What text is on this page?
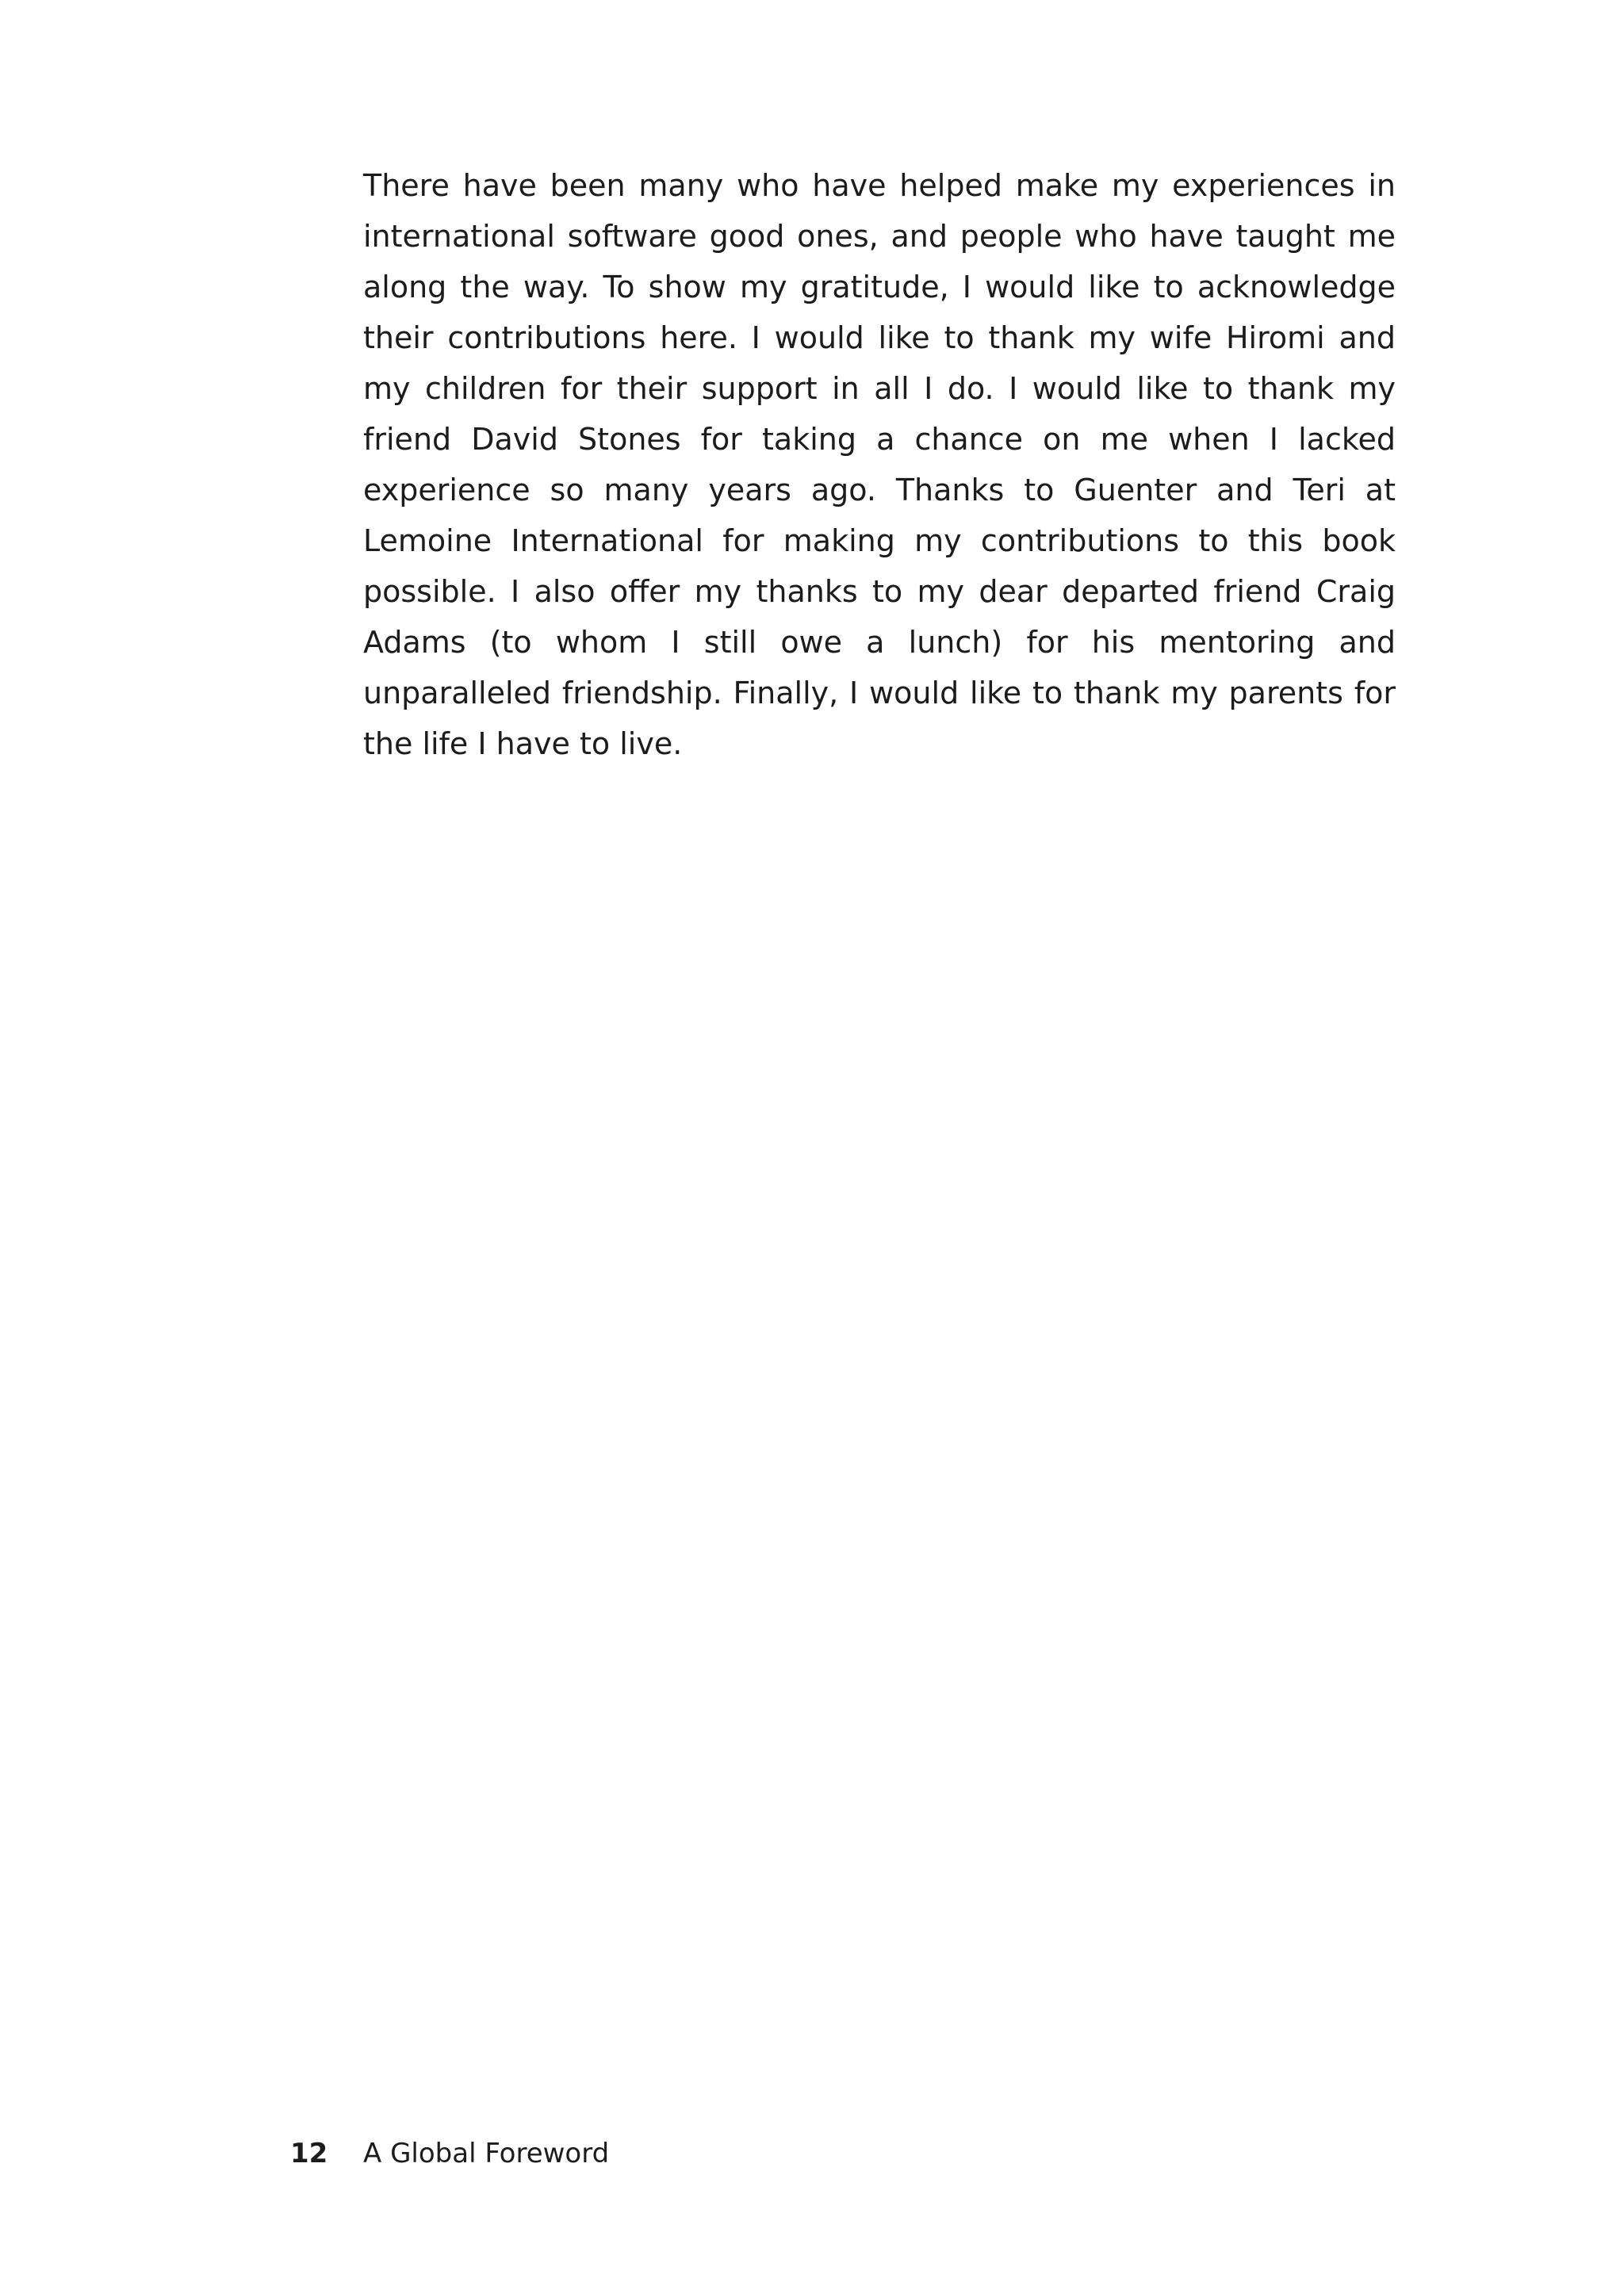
There have been many who have helped make my experiences in international software good ones, and people who have taught me along the way. To show my gratitude, I would like to acknowledge their contributions here. I would like to thank my wife Hiromi and my children for their support in all I do. I would like to thank my friend David Stones for taking a chance on me when I lacked experience so many years ago. Thanks to Guenter and Teri at Lemoine International for making my contributions to this book possible. I also offer my thanks to my dear departed friend Craig Adams (to whom I still owe a lunch) for his mentoring and unparalleled friendship. Finally, I would like to thank my parents for the life I have to live.

12 A Global Foreword
